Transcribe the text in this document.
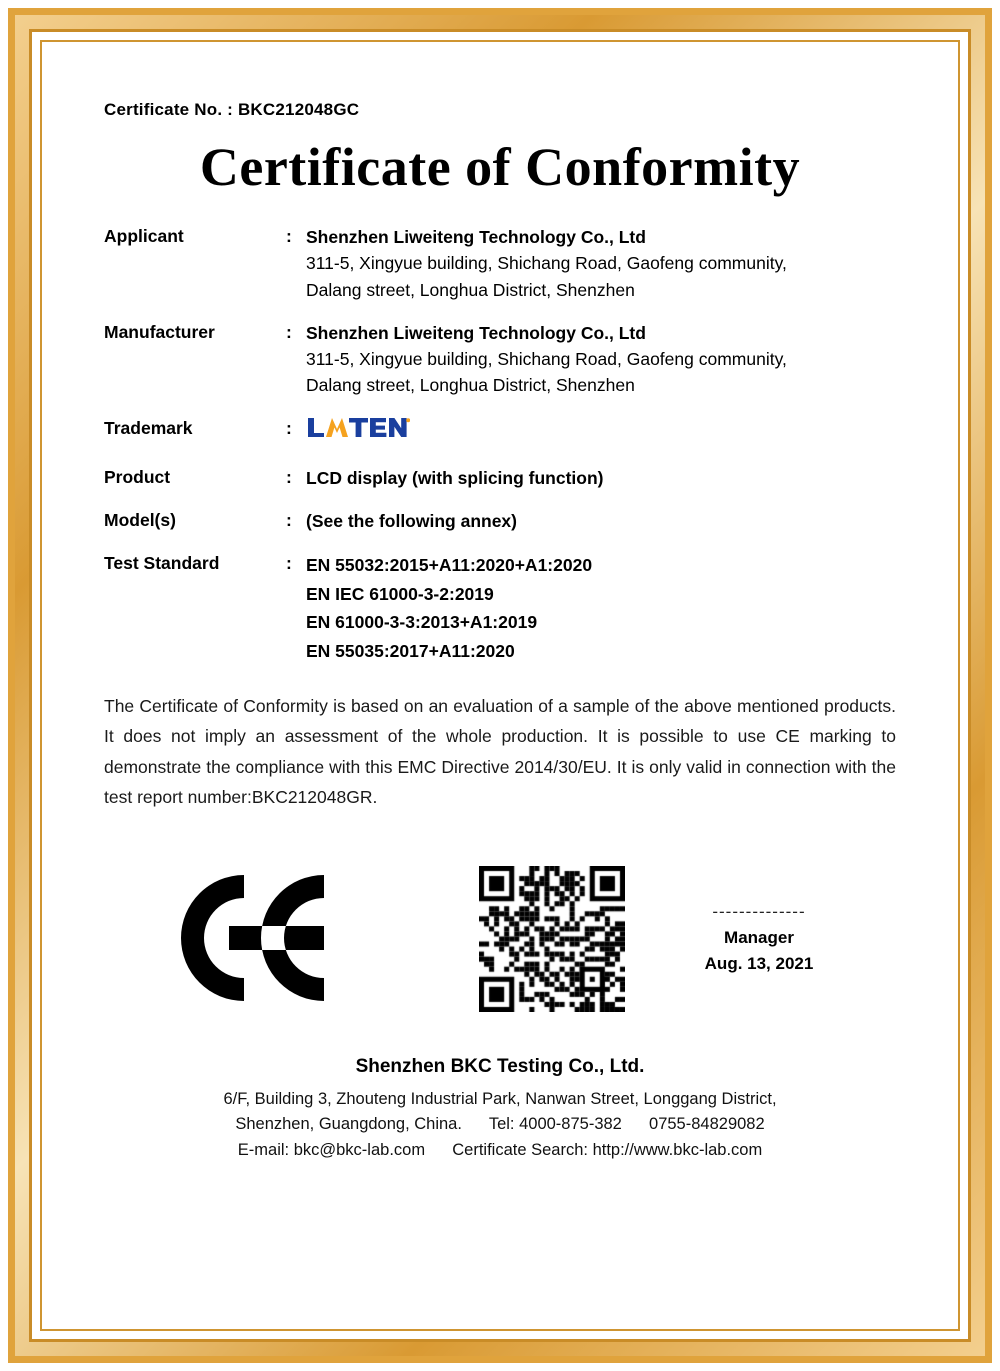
Certificate No. : BKC212048GC
Certificate of Conformity
Applicant	: Shenzhen Liweiteng Technology Co., Ltd
311-5, Xingyue building, Shichang Road, Gaofeng community,
Dalang street, Longhua District, Shenzhen
Manufacturer	: Shenzhen Liweiteng Technology Co., Ltd
311-5, Xingyue building, Shichang Road, Gaofeng community,
Dalang street, Longhua District, Shenzhen
Trademark	:
Product	: LCD display (with splicing function)
Model(s)	: (See the following annex)
Test Standard	: EN 55032:2015+A11:2020+A1:2020
EN IEC 61000-3-2:2019
EN 61000-3-3:2013+A1:2019
EN 55035:2017+A11:2020
The Certificate of Conformity is based on an evaluation of a sample of the above mentioned products. It does not imply an assessment of the whole production. It is possible to use CE marking to demonstrate the compliance with this EMC Directive 2014/30/EU. It is only valid in connection with the test report number:BKC212048GR.
--------------
Manager
Aug. 13, 2021
Shenzhen BKC Testing Co., Ltd.
6/F, Building 3, Zhouteng Industrial Park, Nanwan Street, Longgang District,
Shenzhen, Guangdong, China. Tel: 4000-875-382 0755-84829082
E-mail: bkc@bkc-lab.com Certificate Search: http://www.bkc-lab.com
